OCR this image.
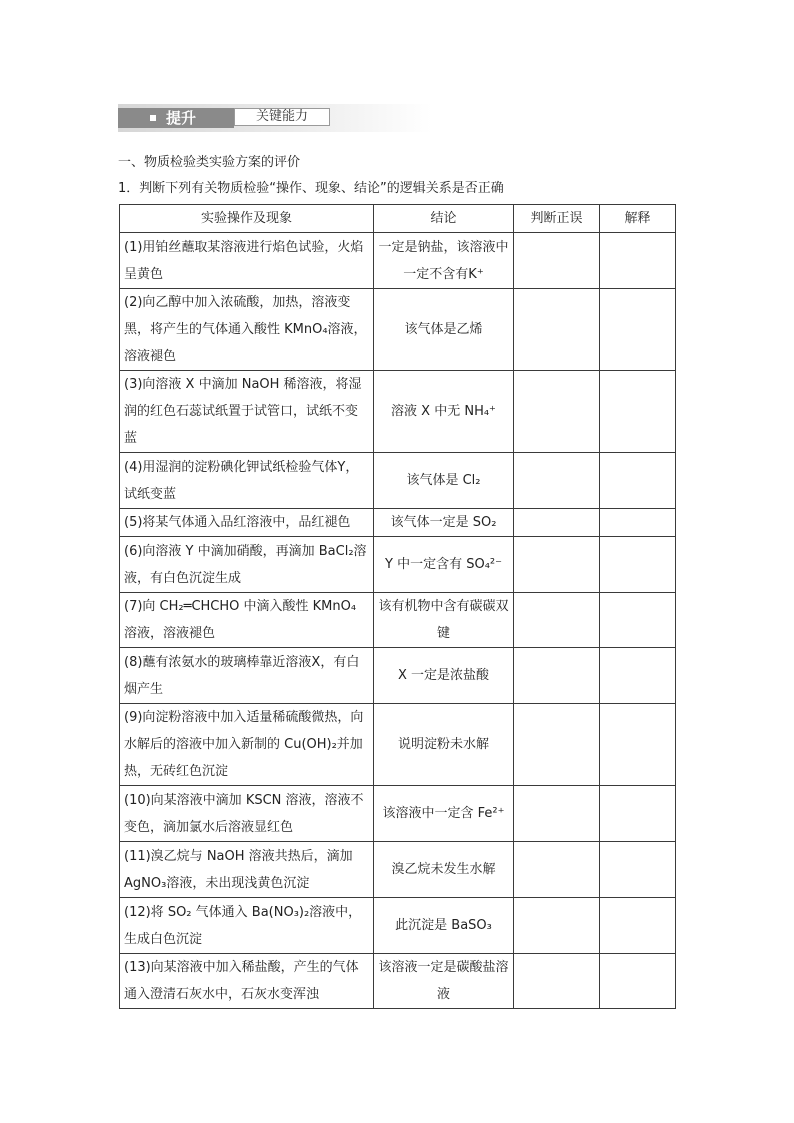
提升	关键能力
一、物质检验类实验方案的评价
1．判断下列有关物质检验“操作、现象、结论”的逻辑关系是否正确
实验操作及现象	结论	判断正误	解释
(1)用铂丝蘸取某溶液进行焰色试验，火焰呈黄色	一定是钠盐，该溶液中一定不含有K⁺		
(2)向乙醇中加入浓硫酸，加热，溶液变黑，将产生的气体通入酸性 KMnO₄溶液，溶液褪色	该气体是乙烯		
(3)向溶液 X 中滴加 NaOH 稀溶液，将湿润的红色石蕊试纸置于试管口，试纸不变蓝	溶液 X 中无 NH₄⁺		
(4)用湿润的淀粉碘化钾试纸检验气体Y，试纸变蓝	该气体是 Cl₂		
(5)将某气体通入品红溶液中，品红褪色	该气体一定是 SO₂		
(6)向溶液 Y 中滴加硝酸，再滴加 BaCl₂溶液，有白色沉淀生成	Y 中一定含有 SO₄²⁻		
(7)向 CH₂═CHCHO 中滴入酸性 KMnO₄溶液，溶液褪色	该有机物中含有碳碳双键		
(8)蘸有浓氨水的玻璃棒靠近溶液X，有白烟产生	X 一定是浓盐酸		
(9)向淀粉溶液中加入适量稀硫酸微热，向水解后的溶液中加入新制的 Cu(OH)₂并加热，无砖红色沉淀	说明淀粉未水解		
(10)向某溶液中滴加 KSCN 溶液，溶液不变色，滴加氯水后溶液显红色	该溶液中一定含 Fe²⁺		
(11)溴乙烷与 NaOH 溶液共热后，滴加 AgNO₃溶液，未出现浅黄色沉淀	溴乙烷未发生水解		
(12)将 SO₂ 气体通入 Ba(NO₃)₂溶液中，生成白色沉淀	此沉淀是 BaSO₃		
(13)向某溶液中加入稀盐酸，产生的气体通入澄清石灰水中，石灰水变浑浊	该溶液一定是碳酸盐溶液		
